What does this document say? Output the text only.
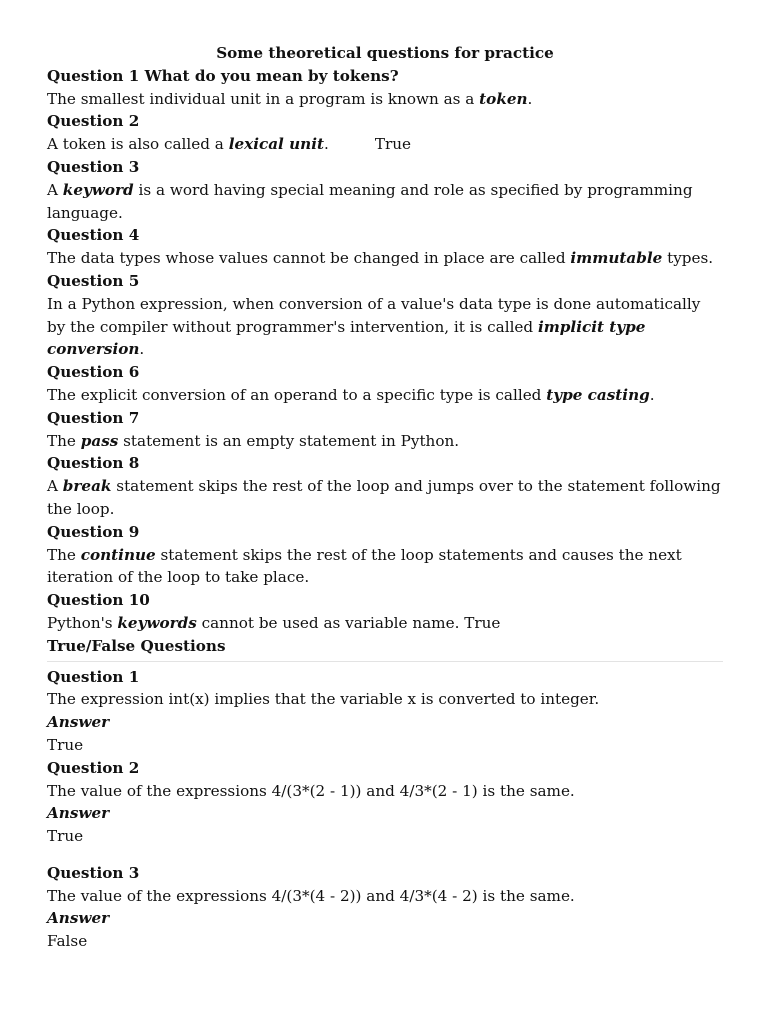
Some theoretical questions for practice

Question 1 What do you mean by tokens?

The smallest individual unit in a program is known as a token.

Question 2

A token is also called a lexical unit.	True

Question 3

A keyword is a word having special meaning and role as specified by programming language.

Question 4

The data types whose values cannot be changed in place are called immutable types.

Question 5

In a Python expression, when conversion of a value's data type is done automatically by the compiler without programmer's intervention, it is called implicit type conversion.

Question 6

The explicit conversion of an operand to a specific type is called type casting.

Question 7

The pass statement is an empty statement in Python.

Question 8

A break statement skips the rest of the loop and jumps over to the statement following the loop.

Question 9

The continue statement skips the rest of the loop statements and causes the next iteration of the loop to take place.

Question 10

Python's keywords cannot be used as variable name. True

True/False Questions

Question 1

The expression int(x) implies that the variable x is converted to integer.

Answer

True

Question 2

The value of the expressions 4/(3*(2 - 1)) and 4/3*(2 - 1) is the same.

Answer

True

Question 3

The value of the expressions 4/(3*(4 - 2)) and 4/3*(4 - 2) is the same.

Answer

False
